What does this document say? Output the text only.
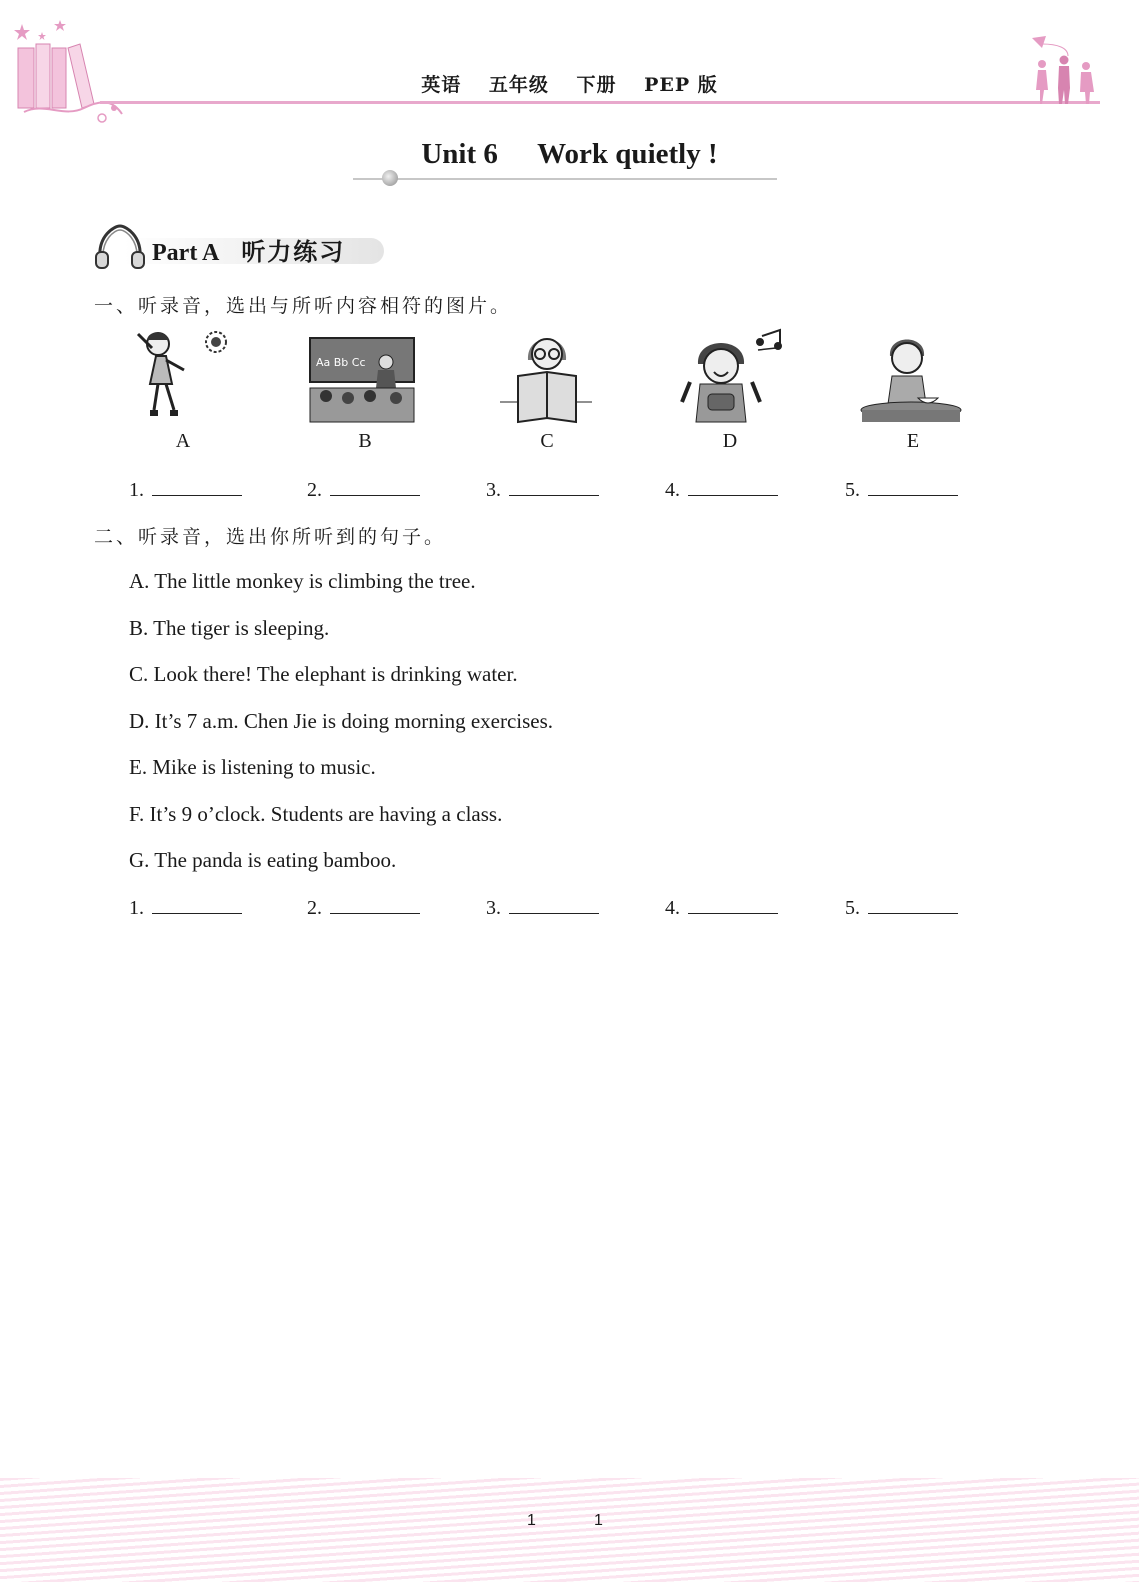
英语 五年级 下册 PEP 版
Unit 6 Work quietly !
Part A 听力练习
一、听录音，选出与所听内容相符的图片。
Aa Bb Cc
A	B	C	D	E
1.	2.	3.	4.	5.
二、听录音，选出你所听到的句子。
A. The little monkey is climbing the tree.
B. The tiger is sleeping.
C. Look there! The elephant is drinking water.
D. It’s 7 a.m. Chen Jie is doing morning exercises.
E. Mike is listening to music.
F. It’s 9 o’clock. Students are having a class.
G. The panda is eating bamboo.
1.	2.	3.	4.	5.
1	1
